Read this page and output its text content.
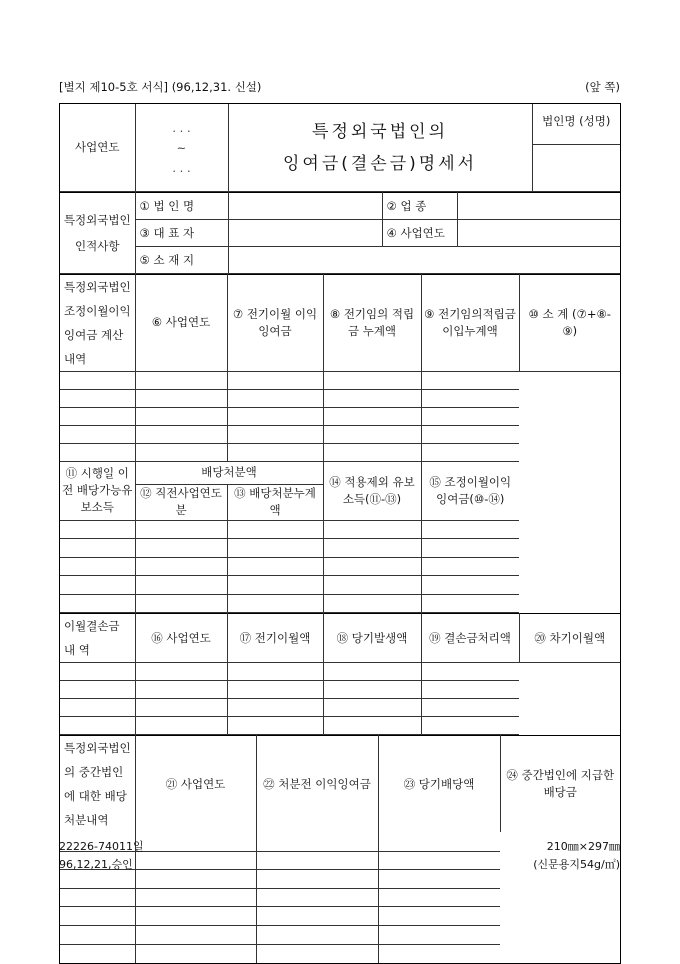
[별지 제10-5호 서식] (96,12,31. 신설)	(앞 쪽)
사업연도	
. . .
~
. . .

특정외국법인의
잉여금(결손금)명세서

법인명 (성명)
특정외국법인 인적사항	① 법 인 명		② 업 종	
	③ 대 표 자		④ 사업연도	
	⑤ 소 재 지			
특정외국법인 조정이월이익잉여금 계산내역	⑥ 사업연도	⑦ 전기이월 이익잉여금	⑧ 전기임의 적립금 누계액	⑨ 전기임의적립금 이입누계액	⑩ 소 계 (⑦+⑧-⑨)

⑪ 시행일 이전 배당가능유보소득	배당처분액		⑭ 적용제외 유보소득(⑪-⑬)	⑮ 조정이월이익 잉여금(⑩-⑭)	
	⑫ 직전사업연도분	⑬ 배당처분누계액			

이월결손금 내 역	⑯ 사업연도	⑰ 전기이월액	⑱ 당기발생액	⑲ 결손금처리액	⑳ 차기이월액

특정외국법인의 중간법인에 대한 배당처분내역	㉑ 사업연도	㉒ 처분전 이익잉여금	㉓ 당기배당액	㉔ 중간법인에 지급한 배당금

22226-74011일
96,12,21,승인
210㎜×297㎜
(신문용지54g/㎡)
